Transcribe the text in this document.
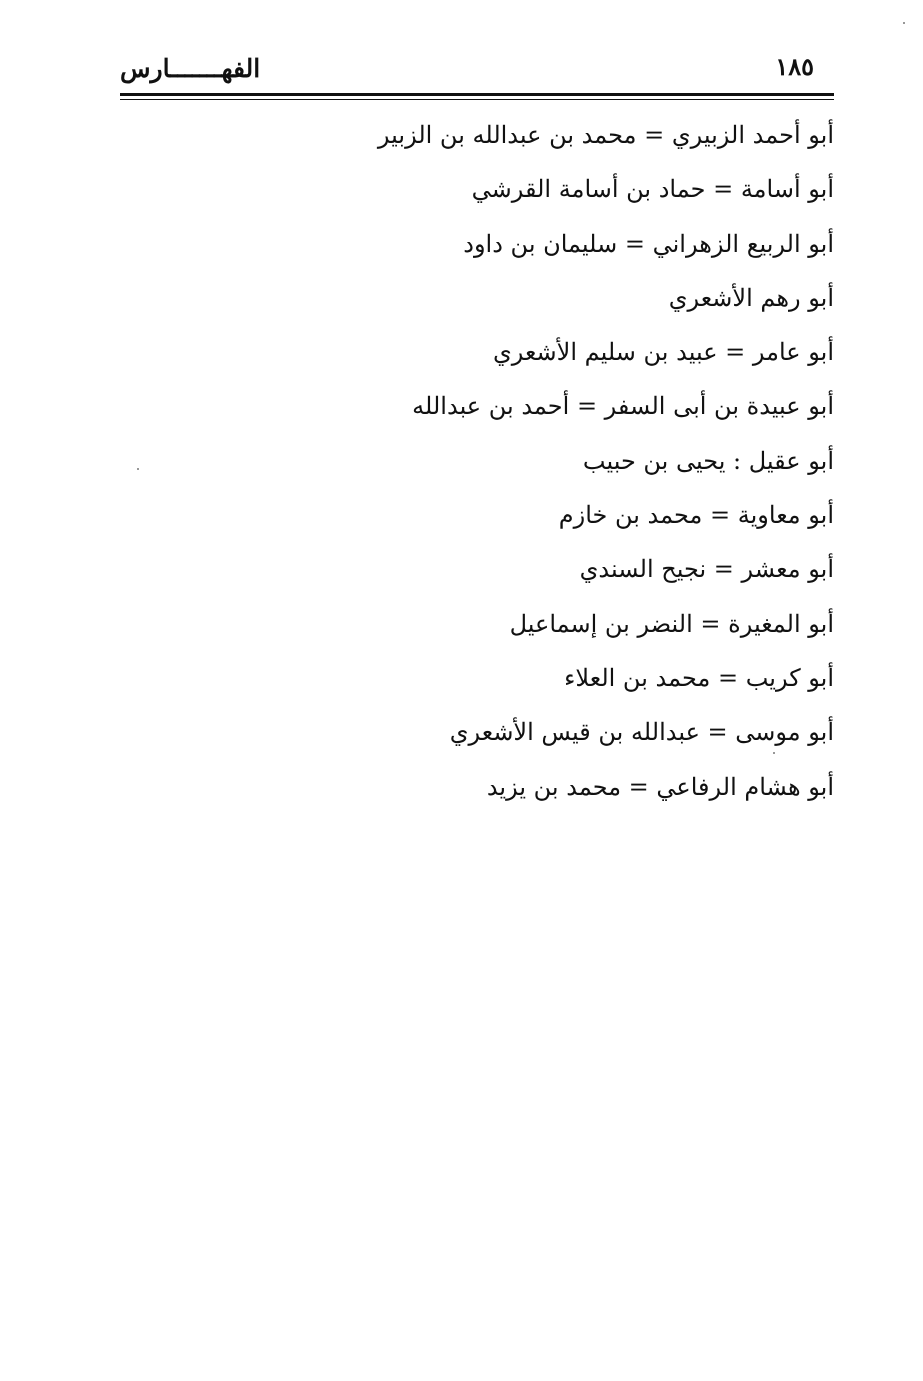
الفهـــــــارس	١٨٥
أبو أحمد الزبيري = محمد بن عبدالله بن الزبير
أبو أسامة = حماد بن أسامة القرشي
أبو الربيع الزهراني = سليمان بن داود
أبو رهم الأشعري
أبو عامر = عبيد بن سليم الأشعري
أبو عبيدة بن أبى السفر = أحمد بن عبدالله
أبو عقيل : يحيى بن حبيب
أبو معاوية = محمد بن خازم
أبو معشر = نجيح السندي
أبو المغيرة = النضر بن إسماعيل
أبو كريب = محمد بن العلاء
أبو موسى = عبدالله بن قيس الأشعري
أبو هشام الرفاعي = محمد بن يزيد
